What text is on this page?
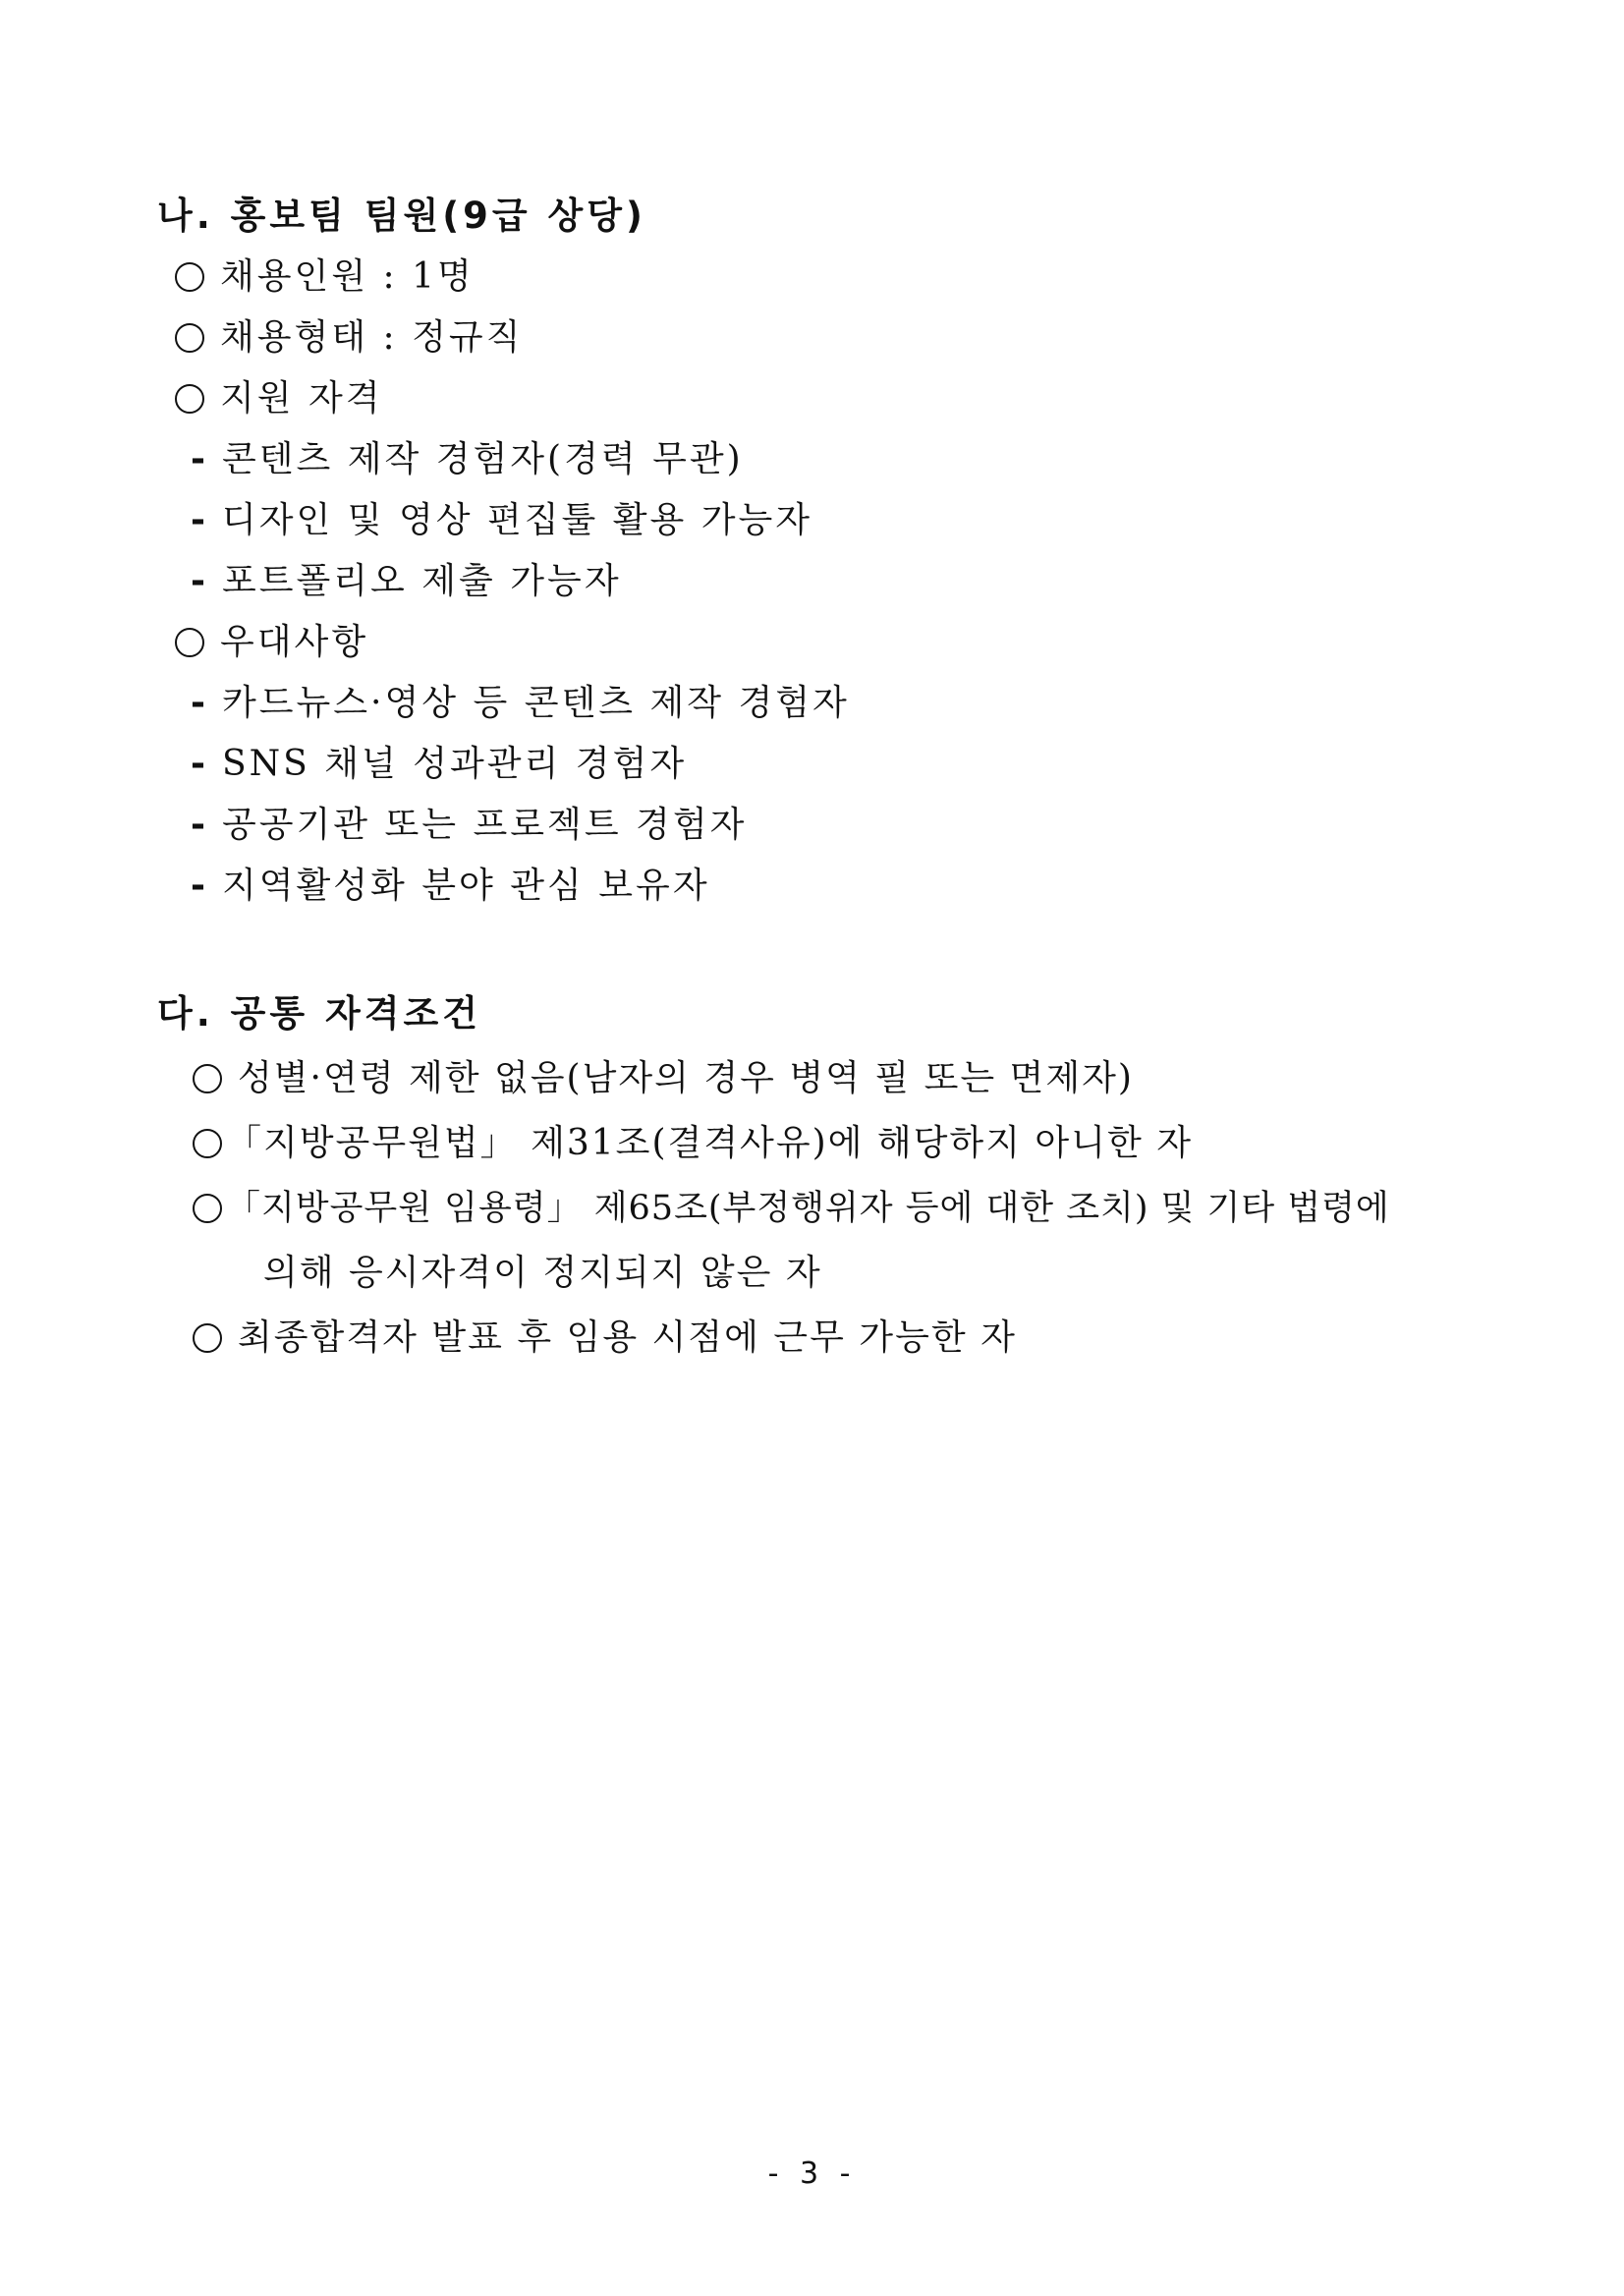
나. 홍보팀 팀원(9급 상당)
채용인원 : 1명
채용형태 : 정규직
지원 자격
- 콘텐츠 제작 경험자(경력 무관)
- 디자인 및 영상 편집툴 활용 가능자
- 포트폴리오 제출 가능자
우대사항
- 카드뉴스·영상 등 콘텐츠 제작 경험자
- SNS 채널 성과관리 경험자
- 공공기관 또는 프로젝트 경험자
- 지역활성화 분야 관심 보유자
다. 공통 자격조건
성별·연령 제한 없음(남자의 경우 병역 필 또는 면제자)
「지방공무원법」 제31조(결격사유)에 해당하지 아니한 자
「지방공무원 임용령」 제65조(부정행위자 등에 대한 조치) 및 기타 법령에
의해 응시자격이 정지되지 않은 자
최종합격자 발표 후 임용 시점에 근무 가능한 자
- 3 -
